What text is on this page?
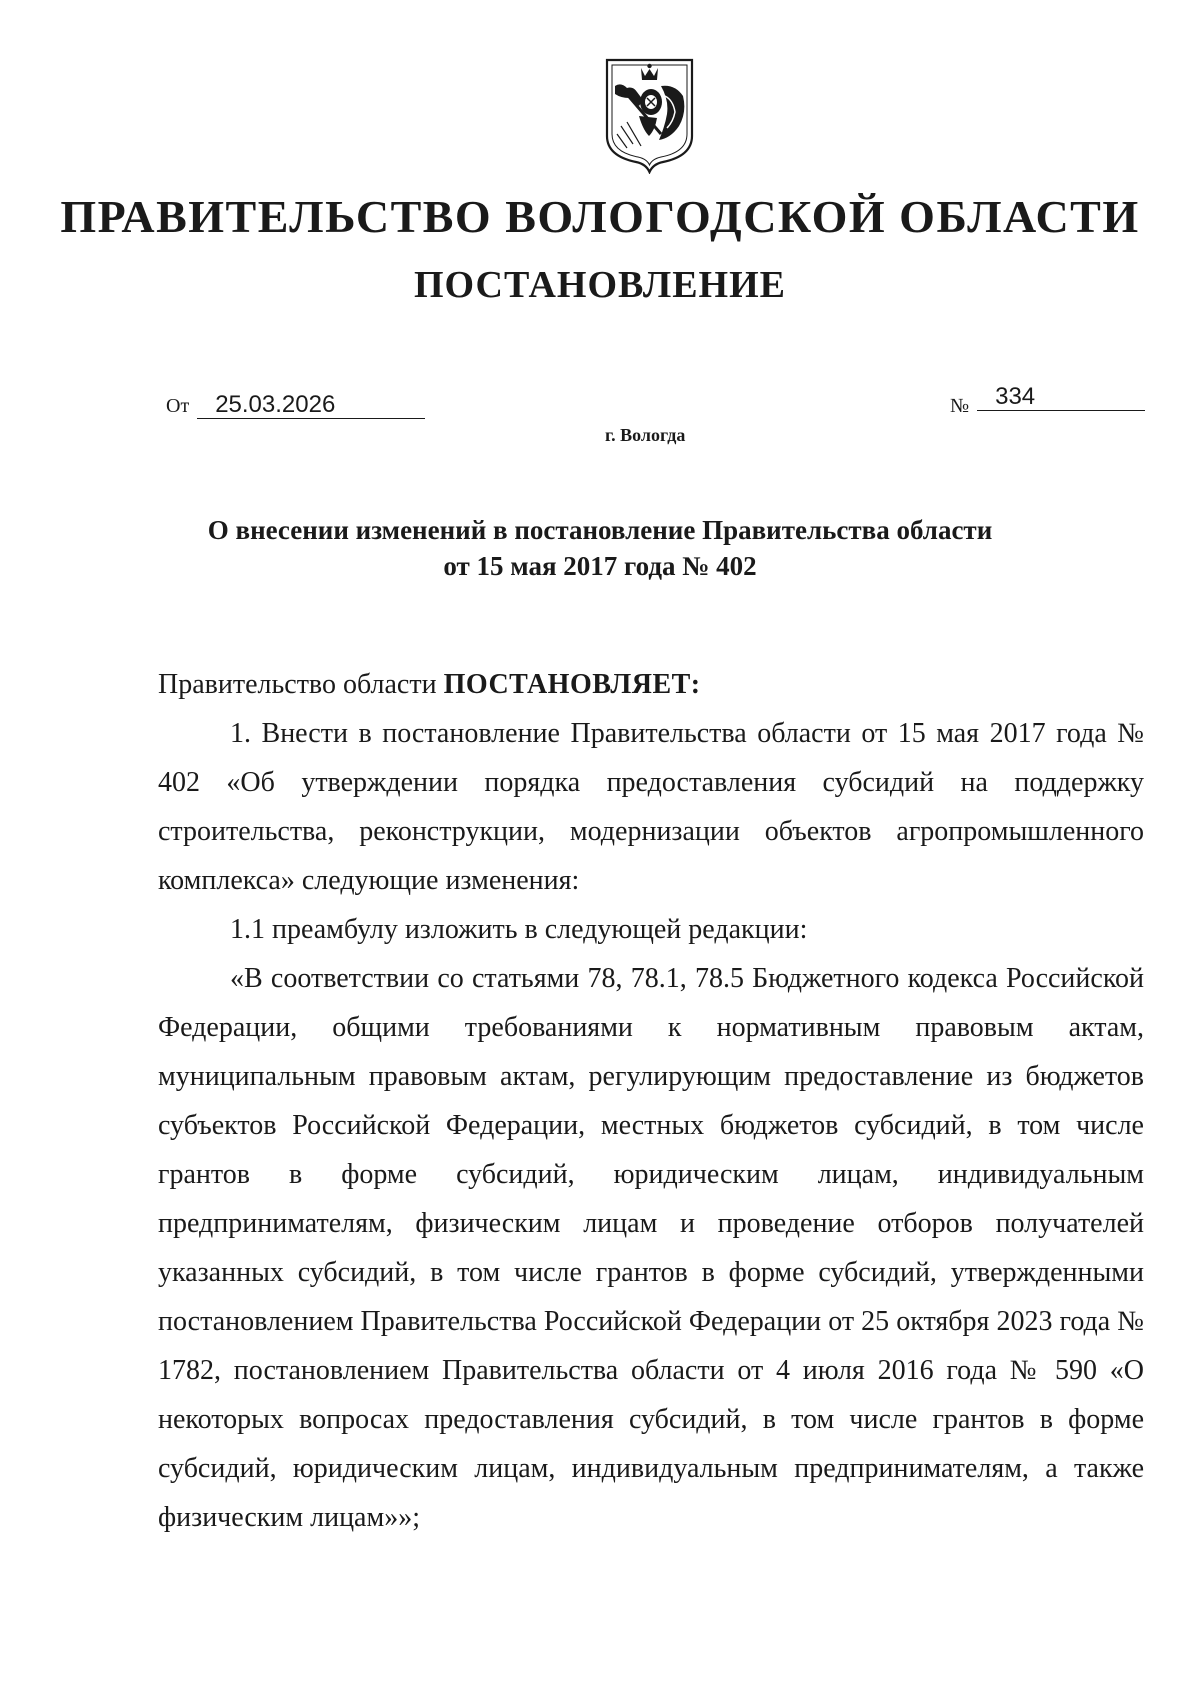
ПРАВИТЕЛЬСТВО ВОЛОГОДСКОЙ ОБЛАСТИ
ПОСТАНОВЛЕНИЕ
От 25.03.2026	№ 334
г. Вологда
О внесении изменений в постановление Правительства области
от 15 мая 2017 года № 402

Правительство области ПОСТАНОВЛЯЕТ:

1. Внести в постановление Правительства области от 15 мая 2017 года № 402 «Об утверждении порядка предоставления субсидий на поддержку строительства, реконструкции, модернизации объектов агропромышленного комплекса» следующие изменения:

1.1 преамбулу изложить в следующей редакции:

«В соответствии со статьями 78, 78.1, 78.5 Бюджетного кодекса Российской Федерации, общими требованиями к нормативным правовым актам, муниципальным правовым актам, регулирующим предоставление из бюджетов субъектов Российской Федерации, местных бюджетов субсидий, в том числе грантов в форме субсидий, юридическим лицам, индивидуальным предпринимателям, физическим лицам и проведение отборов получателей указанных субсидий, в том числе грантов в форме субсидий, утвержденными постановлением Правительства Российской Федерации от 25 октября 2023 года № 1782, постановлением Правительства области от 4 июля 2016 года № 590 «О некоторых вопросах предоставления субсидий, в том числе грантов в форме субсидий, юридическим лицам, индивидуальным предпринимателям, а также физическим лицам»»;
